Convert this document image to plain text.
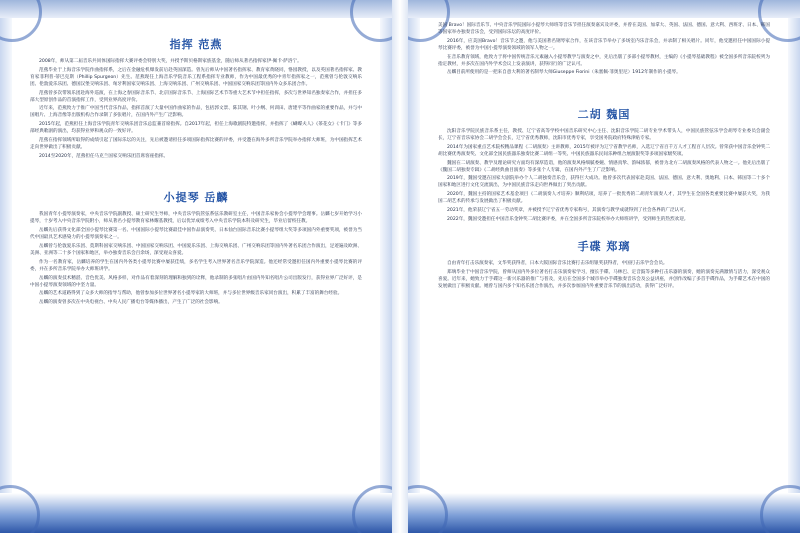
指挥 范燕

2008年，师从第二届音乐共同体国际指挥大赛评委会特别大奖，并授予斯贝格斯家族基金，随后师从著名指挥家伊·佩卡·萨洛宁。

范燕毕业于上海音乐学院作曲指挥系，之后在金融危机爆发前后赴英国深造。曾先后师从中国著名指挥家、教育家黄晓同，恪园教授，以及英国著名指挥家、教育家菲利普·蒂巴克斯（Phillip Spurgeon）先生。范燕现任上海音乐学院音乐工程系指挥专业教师，作为中国最优秀的中青年指挥家之一，范燕曾与伦敦交响乐团、伦敦爱乐乐团、德国汉堡交响乐团、匈牙利国家交响乐团、上海交响乐团、广州交响乐团、中国国家交响乐团等国内外众多乐团合作。

范燕曾多次带领乐团赴海外巡演，在上海之春国际音乐节、北京国际音乐节、上海国际艺术节等重大艺术节中担任指挥，多次与世界知名独奏家合作，并担任多部大型原创作品的首演指挥工作，受到业界高度评价。

近年来，范燕致力于推广中国当代音乐作品，指挥首演了大量中国作曲家的作品，包括郭文景、陈其钢、叶小纲、何训田、唐建平等作曲家的重要作品，并与中国唱片、上海音像等出版机构合作录制了多张唱片，在国内外产生广泛影响。

2015年起，范燕担任上海音乐学院青年交响乐团音乐总监兼首席指挥。自2017年起，担任上海歌剧院特邀指挥，并指挥了《蝴蝶夫人》《茶花女》《卡门》等多部经典歌剧的演出，均获得业界和观众的一致好评。

范燕在指挥领域所取得的成绩引起了国际乐坛的关注，先后被邀请担任多项国际指挥比赛的评委，并受邀在海外多所音乐学院举办指挥大师班，为中国指挥艺术走向世界做出了积极贡献。

2014至2020年，范燕担任马克兰国家交响乐团首席客座指挥。

小提琴 岳麟

我国青年小提琴演奏家，中央音乐学院副教授、硕士研究生导师，中央音乐学院管弦系弦乐教研室主任，中国音乐家协会小提琴学会理事。岳麟七岁开始学习小提琴，十岁考入中央音乐学院附小，师从著名小提琴教育家林耀基教授，后以优异成绩考入中央音乐学院本科及研究生，毕业后留校任教。

岳麟先后获得文化部全国小提琴比赛第一名、中国国际小提琴比赛最佳中国作品演奏奖、日本仙台国际音乐比赛小提琴组大奖等多项国内外重要奖项，被誉为当代中国最具艺术感染力的小提琴演奏家之一。

岳麟曾与伦敦爱乐乐团、莫斯科国家交响乐团、中国国家交响乐团、中国爱乐乐团、上海交响乐团、广州交响乐团等国内外著名乐团合作演出，足迹遍及欧洲、美洲、亚洲等二十多个国家和地区，举办独奏音乐会百余场，深受观众喜爱。

作为一名教育家，岳麟培养的学生在国内外各类小提琴比赛中屡获佳绩，多名学生考入世界著名音乐学院深造。他还经常受邀担任国内外重要小提琴比赛的评委，并在多所音乐学院举办大师班讲学。

岳麟的演奏技术精湛、音色优美、风格多样，对作品有着深刻的理解和独到的诠释，他录制的多张唱片由国内外知名唱片公司出版发行，获得业界广泛好评，是中国小提琴演奏领域的中坚力量。

岳麟的艺术道路得到了众多大师的指导与帮助，他曾参加多位世界著名小提琴家的大师班，并与多位世界级音乐家同台演出，积累了丰富的舞台经验。

岳麟的演奏曾多次在中央电视台、中央人民广播电台等媒体播出，产生了广泛的社会影响。

美国 Bravo！国际音乐节、中央音乐学院国际小提琴大师班等音乐节担任演奏嘉宾及评委，并曾在美国、加拿大、英国、法国、德国、意大利、西班牙、日本、韩国等国家举办独奏音乐会，受到国际乐坛的高度评价。

2016年，应美国Bravo！音乐节之邀，他与美国著名钢琴家合作，在该音乐节举办了多场室内乐音乐会，并录制了相关唱片。同年，他受邀担任中国国际小提琴比赛评委，被誉为中国小提琴演奏领域的领军人物之一。

在音乐教育领域，他致力于将中国传统音乐元素融入小提琴教学与演奏之中，先后出版了多部小提琴教材，主编的《小提琴基础教程》被全国多所音乐院校列为指定教材，并多次在国内外学术会议上发表演讲，获得同行的广泛认可。

岳麟目前所使用的是一把来自意大利的著名制琴大师Giuseppe Fiorini（朱塞佩·菲奥里尼）1912年制作的小提琴。

二胡 魏国

沈阳音乐学院民族音乐系主任，教授、辽宁省高等学校中国音乐研究中心主任、沈阳音乐学院二胡专业学术带头人，中国民族管弦乐学会胡琴专业委员会副会长，辽宁省音乐家协会二胡学会会长，辽宁省优秀教师，沈阳市优秀专家，享受国务院政府特殊津贴专家。

2014年为国家重点艺术院校精品课程《二胡演奏》主讲教师，2015年被评为辽宁省教学名师，入选辽宁省百千万人才工程百人层次。曾荣获中国音乐金钟奖二胡比赛优秀演奏奖、文化部全国民族器乐独奏比赛二胡组一等奖、中国民族器乐民间乐种组合展演银奖等多项国家级奖项。

魏国在二胡演奏、教学及理论研究方面均有深厚造诣，他的演奏风格细腻委婉、情感真挚、韵味浓郁，被誉为北方二胡演奏风格的代表人物之一。他先后出版了《魏国二胡独奏专辑》《二胡经典曲目演奏》等多张个人专辑，在国内外产生了广泛影响。

2019年，魏国受邀在国家大剧院举办个人二胡独奏音乐会，获得巨大成功。他曾多次代表国家赴美国、法国、德国、意大利、奥地利、日本、韩国等二十多个国家和地区进行文化交流演出，为中国民族音乐走向世界做出了突出贡献。

2020年，魏国主持的国家艺术基金项目《二胡演奏人才培养》顺利结项，培养了一批优秀的二胡青年演奏人才，其学生在全国各类重要比赛中屡获大奖，为我国二胡艺术的传承与发展做出了积极贡献。

2021年，他荣获辽宁省五一劳动奖章，并被授予辽宁省优秀专家称号，其演奏与教学成就得到了社会各界的广泛认可。

2022年，魏国受邀担任中国音乐金钟奖二胡比赛评委，并在全国多所音乐院校举办大师班讲学，受到师生的热烈欢迎。

手碟 郑璃

自由青年打击乐演奏家，文华奖获得者，日本大阪国际音乐比赛打击乐组银奖获得者，中国打击乐学会会员。

郑璃毕业于中国音乐学院，曾师从国内外多位著名打击乐演奏家学习，擅长手碟、马林巴、定音鼓等多种打击乐器的演奏，她的演奏充满激情与活力，深受观众喜爱。近年来，她致力于手碟这一新兴乐器的推广与普及，先后在全国多个城市举办手碟独奏音乐会及公益讲座，并创作改编了多首手碟作品，为手碟艺术在中国的发展做出了积极贡献。她曾与国内多个知名乐团合作演出，并多次参加国内外重要音乐节的演出活动，获得广泛好评。
